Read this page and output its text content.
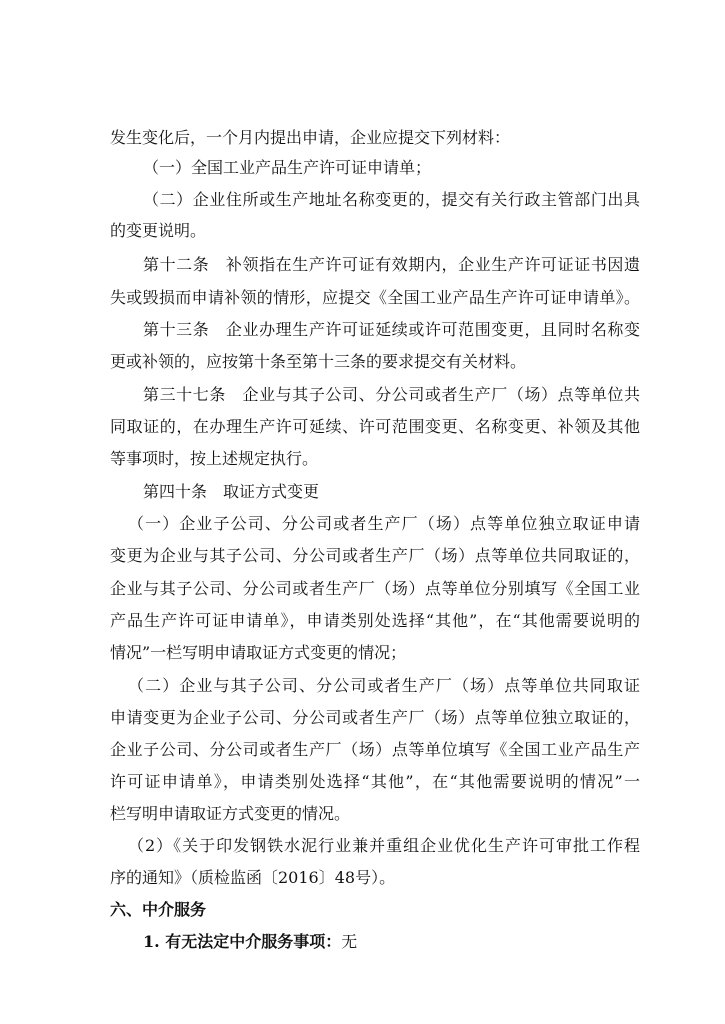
发生变化后，一个月内提出申请，企业应提交下列材料：
（一）全国工业产品生产许可证申请单；
（二）企业住所或生产地址名称变更的，提交有关行政主管部门出具
的变更说明。
第十二条　补领指在生产许可证有效期内，企业生产许可证证书因遗
失或毁损而申请补领的情形，应提交《全国工业产品生产许可证申请单》。
第十三条　企业办理生产许可证延续或许可范围变更，且同时名称变
更或补领的，应按第十条至第十三条的要求提交有关材料。
第三十七条　企业与其子公司、分公司或者生产厂（场）点等单位共
同取证的，在办理生产许可延续、许可范围变更、名称变更、补领及其他
等事项时，按上述规定执行。
第四十条　取证方式变更
（一）企业子公司、分公司或者生产厂（场）点等单位独立取证申请
变更为企业与其子公司、分公司或者生产厂（场）点等单位共同取证的，
企业与其子公司、分公司或者生产厂（场）点等单位分别填写《全国工业
产品生产许可证申请单》，申请类别处选择“其他”，在“其他需要说明的
情况”一栏写明申请取证方式变更的情况；
（二）企业与其子公司、分公司或者生产厂（场）点等单位共同取证
申请变更为企业子公司、分公司或者生产厂（场）点等单位独立取证的，
企业子公司、分公司或者生产厂（场）点等单位填写《全国工业产品生产
许可证申请单》，申请类别处选择“其他”，在“其他需要说明的情况”一
栏写明申请取证方式变更的情况。
（2）《关于印发钢铁水泥行业兼并重组企业优化生产许可审批工作程
序的通知》（质检监函〔2016〕48号）。
六、中介服务
1. 有无法定中介服务事项：无
